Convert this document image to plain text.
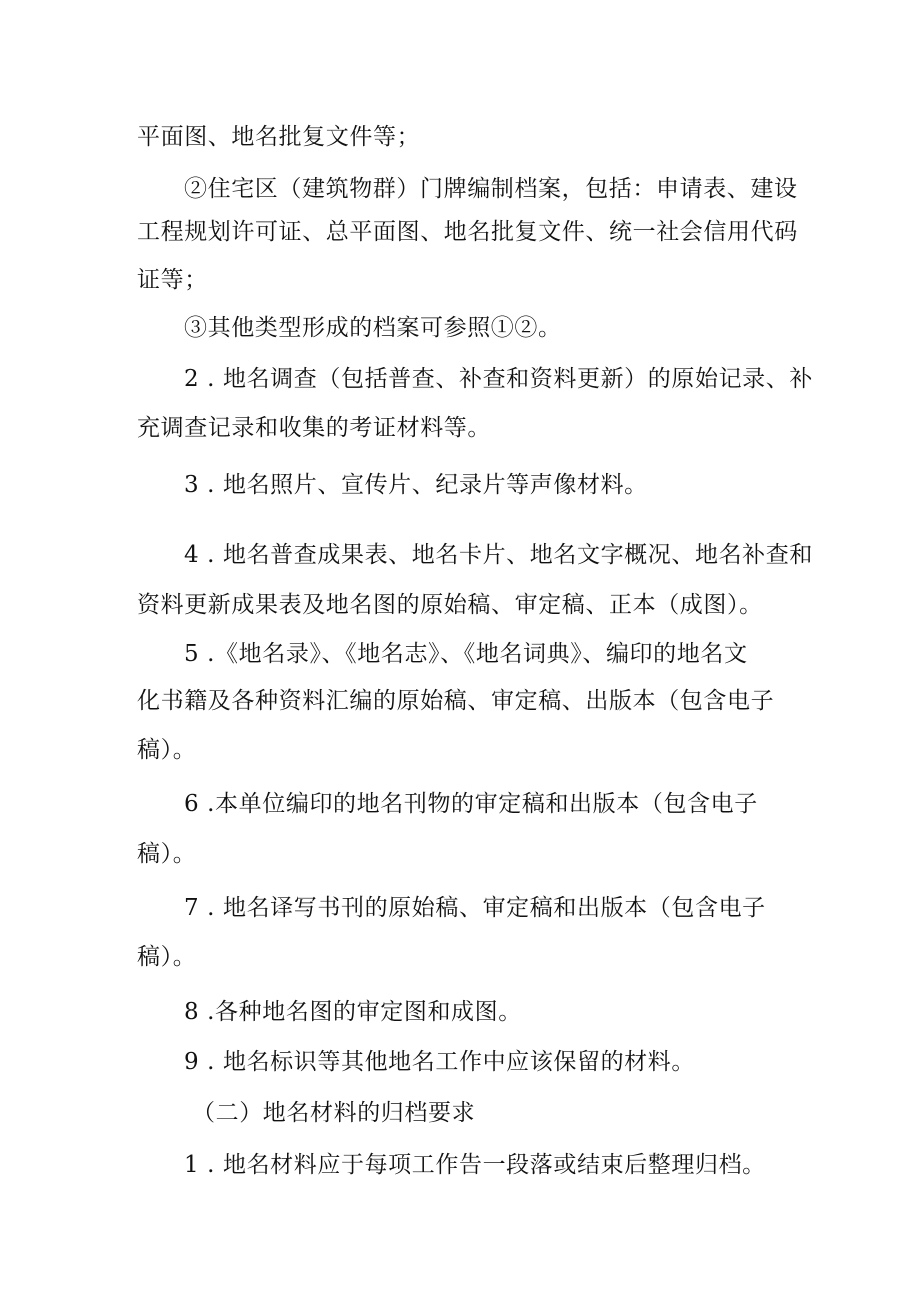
平面图、地名批复文件等；
②住宅区（建筑物群）门牌编制档案，包括：申请表、建设
工程规划许可证、总平面图、地名批复文件、统一社会信用代码
证等；
③其他类型形成的档案可参照①②。
2 . 地名调查（包括普查、补查和资料更新）的原始记录、补
充调查记录和收集的考证材料等。
3 . 地名照片、宣传片、纪录片等声像材料。
4 . 地名普查成果表、地名卡片、地名文字概况、地名补查和
资料更新成果表及地名图的原始稿、审定稿、正本（成图）。
5 .《地名录》、《地名志》、《地名词典》、编印的地名文
化书籍及各种资料汇编的原始稿、审定稿、出版本（包含电子
稿）。
6 .本单位编印的地名刊物的审定稿和出版本（包含电子
稿）。
7 . 地名译写书刊的原始稿、审定稿和出版本（包含电子
稿）。
8 .各种地名图的审定图和成图。
9 . 地名标识等其他地名工作中应该保留的材料。
（二）地名材料的归档要求
1 . 地名材料应于每项工作告一段落或结束后整理归档。
